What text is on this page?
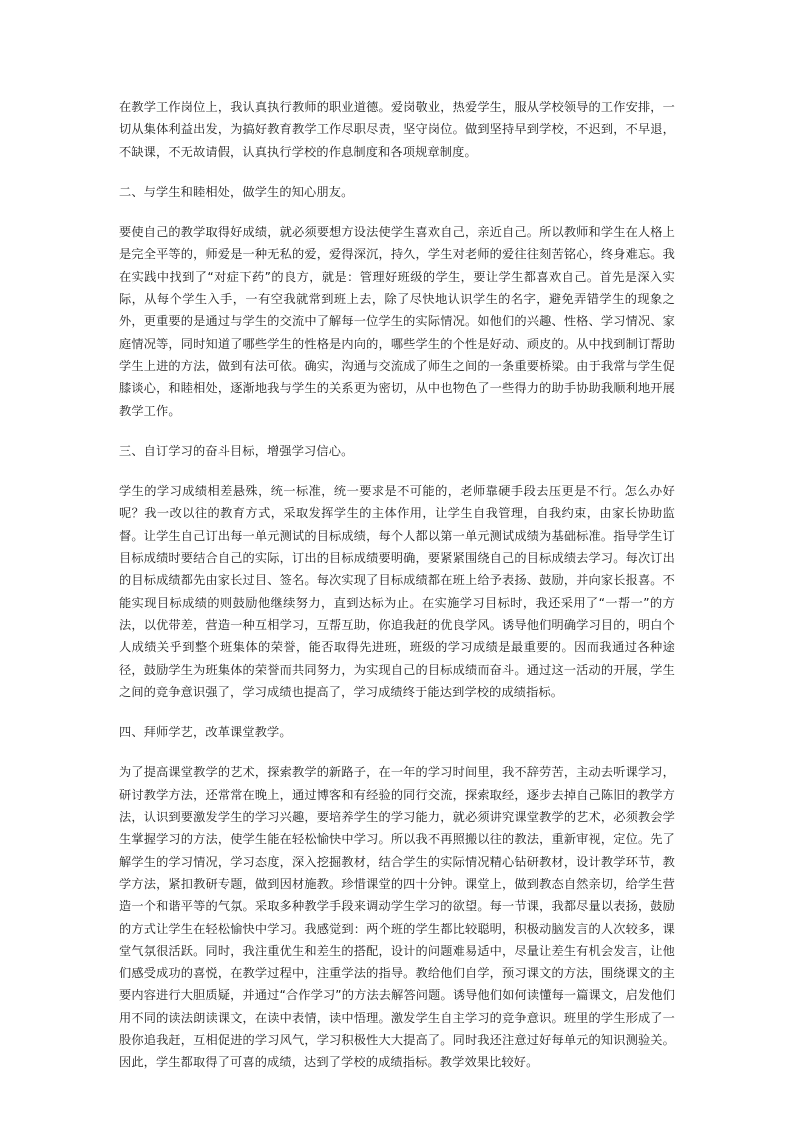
在教学工作岗位上，我认真执行教师的职业道德。爱岗敬业，热爱学生，服从学校领导的工作安排，一切从集体利益出发，为搞好教育教学工作尽职尽责，坚守岗位。做到坚持早到学校，不迟到，不早退，不缺课，不无故请假，认真执行学校的作息制度和各项规章制度。

二、与学生和睦相处，做学生的知心朋友。

要使自己的教学取得好成绩，就必须要想方设法使学生喜欢自己，亲近自己。所以教师和学生在人格上是完全平等的，师爱是一种无私的爱，爱得深沉，持久，学生对老师的爱往往刻苦铭心，终身难忘。我在实践中找到了“对症下药”的良方，就是：管理好班级的学生，要让学生都喜欢自己。首先是深入实际，从每个学生入手，一有空我就常到班上去，除了尽快地认识学生的名字，避免弄错学生的现象之外，更重要的是通过与学生的交流中了解每一位学生的实际情况。如他们的兴趣、性格、学习情况、家庭情况等，同时知道了哪些学生的性格是内向的，哪些学生的个性是好动、顽皮的。从中找到制订帮助学生上进的方法，做到有法可依。确实，沟通与交流成了师生之间的一条重要桥梁。由于我常与学生促膝谈心，和睦相处，逐渐地我与学生的关系更为密切，从中也物色了一些得力的助手协助我顺利地开展教学工作。

三、自订学习的奋斗目标，增强学习信心。

学生的学习成绩相差悬殊，统一标准，统一要求是不可能的，老师靠硬手段去压更是不行。怎么办好呢？我一改以往的教育方式，采取发挥学生的主体作用，让学生自我管理，自我约束，由家长协助监督。让学生自己订出每一单元测试的目标成绩，每个人都以第一单元测试成绩为基础标准。指导学生订目标成绩时要结合自己的实际，订出的目标成绩要明确，要紧紧围绕自己的目标成绩去学习。每次订出的目标成绩都先由家长过目、签名。每次实现了目标成绩都在班上给予表扬、鼓励，并向家长报喜。不能实现目标成绩的则鼓励他继续努力，直到达标为止。在实施学习目标时，我还采用了“一帮一”的方法，以优带差，营造一种互相学习，互帮互助，你追我赶的优良学风。诱导他们明确学习目的，明白个人成绩关乎到整个班集体的荣誉，能否取得先进班，班级的学习成绩是最重要的。因而我通过各种途径，鼓励学生为班集体的荣誉而共同努力，为实现自己的目标成绩而奋斗。通过这一活动的开展，学生之间的竞争意识强了，学习成绩也提高了，学习成绩终于能达到学校的成绩指标。

四、拜师学艺，改革课堂教学。

为了提高课堂教学的艺术，探索教学的新路子，在一年的学习时间里，我不辞劳苦，主动去听课学习，研讨教学方法，还常常在晚上，通过博客和有经验的同行交流，探索取经，逐步去掉自己陈旧的教学方法，认识到要激发学生的学习兴趣，要培养学生的学习能力，就必须讲究课堂教学的艺术，必须教会学生掌握学习的方法，使学生能在轻松愉快中学习。所以我不再照搬以往的教法，重新审视，定位。先了解学生的学习情况，学习态度，深入挖掘教材，结合学生的实际情况精心钻研教材，设计教学环节，教学方法，紧扣教研专题，做到因材施教。珍惜课堂的四十分钟。课堂上，做到教态自然亲切，给学生营造一个和谐平等的气氛。采取多种教学手段来调动学生学习的欲望。每一节课，我都尽量以表扬，鼓励的方式让学生在轻松愉快中学习。我感觉到：两个班的学生都比较聪明，积极动脑发言的人次较多，课堂气氛很活跃。同时，我注重优生和差生的搭配，设计的问题难易适中，尽量让差生有机会发言，让他们感受成功的喜悦，在教学过程中，注重学法的指导。教给他们自学，预习课文的方法，围绕课文的主要内容进行大胆质疑，并通过“合作学习”的方法去解答问题。诱导他们如何读懂每一篇课文，启发他们用不同的读法朗读课文，在读中表情，读中悟理。激发学生自主学习的竞争意识。班里的学生形成了一股你追我赶，互相促进的学习风气，学习积极性大大提高了。同时我还注意过好每单元的知识测验关。因此，学生都取得了可喜的成绩，达到了学校的成绩指标。教学效果比较好。
